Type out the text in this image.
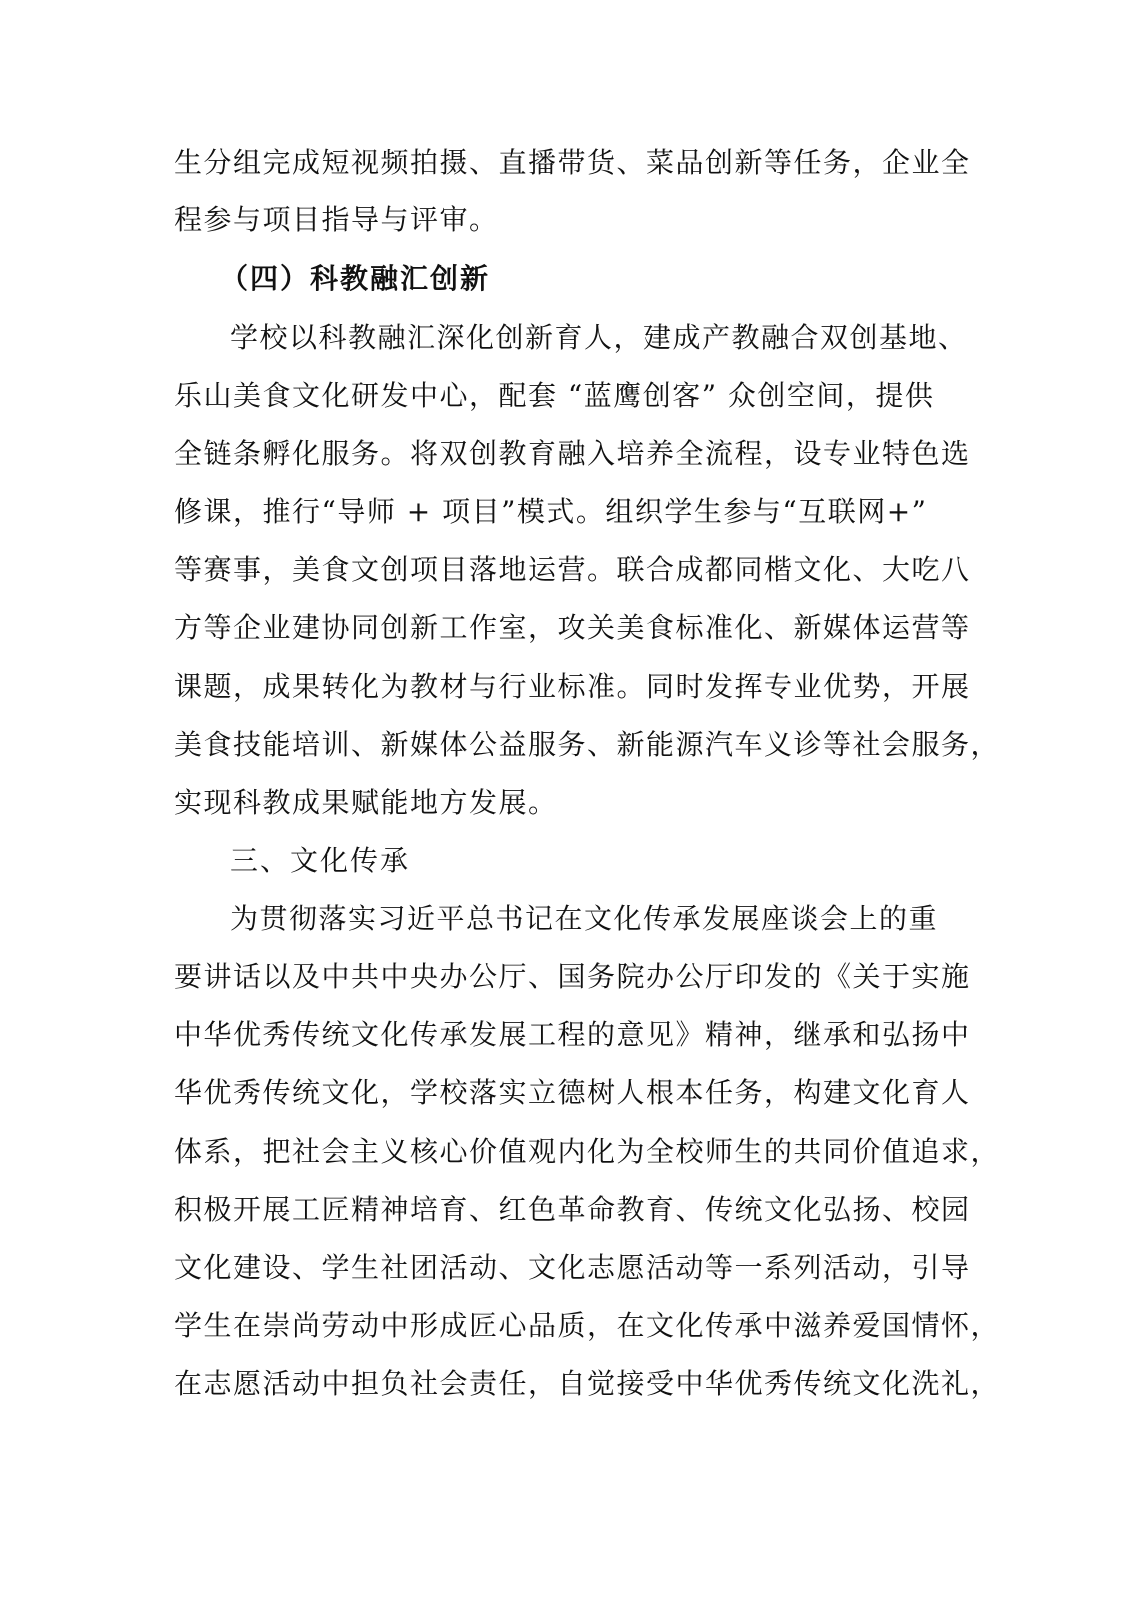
生分组完成短视频拍摄、直播带货、菜品创新等任务，企业全
程参与项目指导与评审。
（四）科教融汇创新
学校以科教融汇深化创新育人，建成产教融合双创基地、
乐山美食文化研发中心，配套 “蓝鹰创客” 众创空间，提供
全链条孵化服务。将双创教育融入培养全流程，设专业特色选
修课，推行“导师 + 项目”模式。组织学生参与“互联网+”
等赛事，美食文创项目落地运营。联合成都同楷文化、大吃八
方等企业建协同创新工作室，攻关美食标准化、新媒体运营等
课题，成果转化为教材与行业标准。同时发挥专业优势，开展
美食技能培训、新媒体公益服务、新能源汽车义诊等社会服务，
实现科教成果赋能地方发展。
三、文化传承
为贯彻落实习近平总书记在文化传承发展座谈会上的重
要讲话以及中共中央办公厅、国务院办公厅印发的《关于实施
中华优秀传统文化传承发展工程的意见》精神，继承和弘扬中
华优秀传统文化，学校落实立德树人根本任务，构建文化育人
体系，把社会主义核心价值观内化为全校师生的共同价值追求，
积极开展工匠精神培育、红色革命教育、传统文化弘扬、校园
文化建设、学生社团活动、文化志愿活动等一系列活动，引导
学生在崇尚劳动中形成匠心品质，在文化传承中滋养爱国情怀，
在志愿活动中担负社会责任，自觉接受中华优秀传统文化洗礼，
